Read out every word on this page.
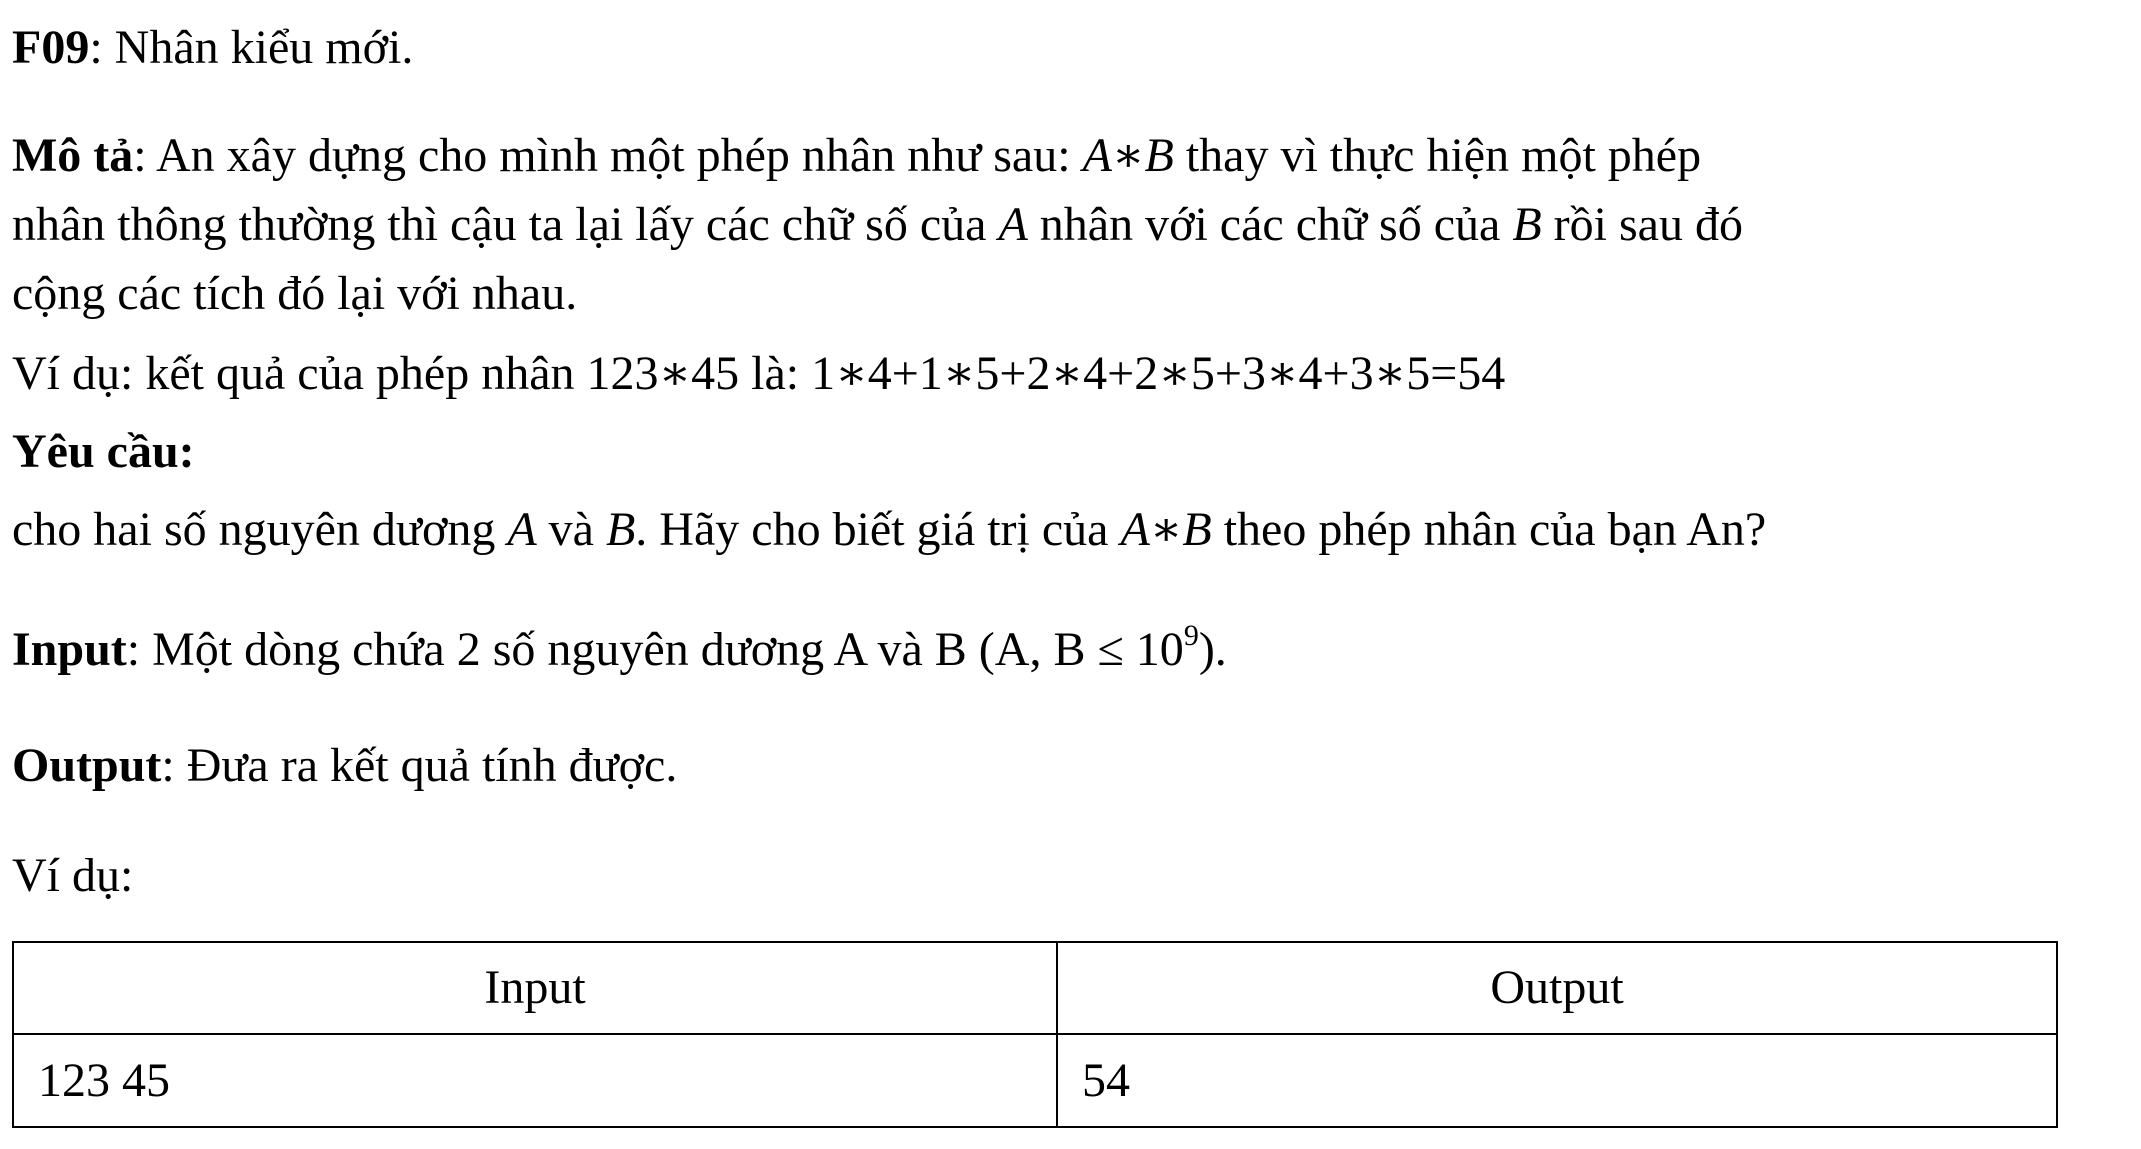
F09: Nhân kiểu mới.
Mô tả: An xây dựng cho mình một phép nhân như sau: A∗B thay vì thực hiện một phép
nhân thông thường thì cậu ta lại lấy các chữ số của A nhân với các chữ số của B rồi sau đó
cộng các tích đó lại với nhau.
Ví dụ: kết quả của phép nhân 123∗45 là: 1∗4+1∗5+2∗4+2∗5+3∗4+3∗5=54
Yêu cầu:
cho hai số nguyên dương A và B. Hãy cho biết giá trị của A∗B theo phép nhân của bạn An?
Input: Một dòng chứa 2 số nguyên dương A và B (A, $B \le 10^9$).
Output: Đưa ra kết quả tính được.
Ví dụ:
Input	Output
123 45	54
